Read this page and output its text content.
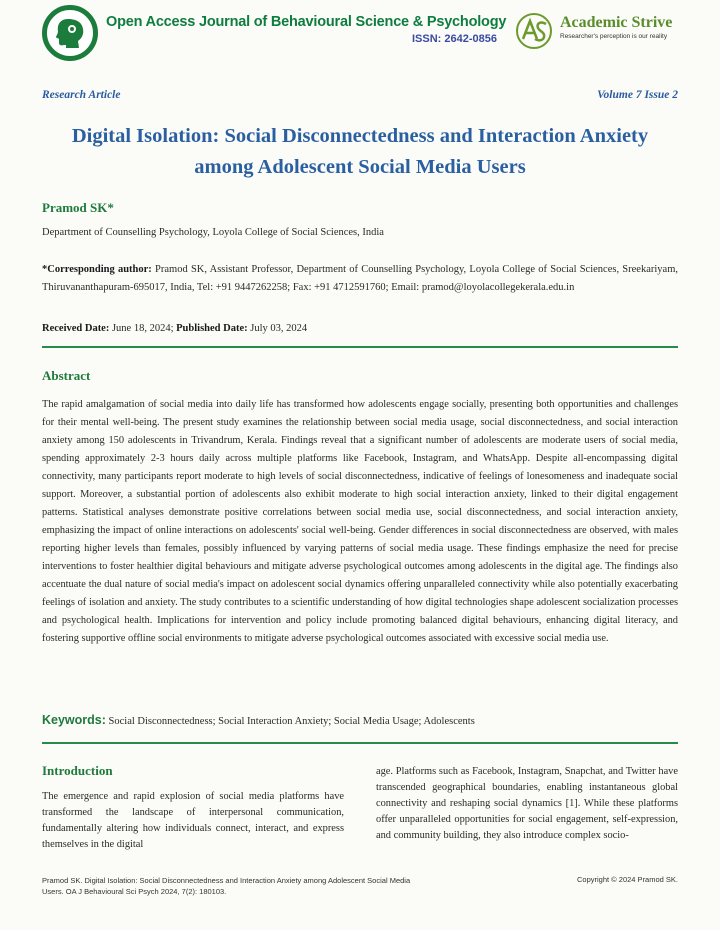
Open Access Journal of Behavioural Science & Psychology
ISSN: 2642-0856
Academic Strive
Researcher's perception is our reality
Research Article	Volume 7 Issue 2
Digital Isolation: Social Disconnectedness and Interaction Anxiety among Adolescent Social Media Users
Pramod SK*
Department of Counselling Psychology, Loyola College of Social Sciences, India
*Corresponding author: Pramod SK, Assistant Professor, Department of Counselling Psychology, Loyola College of Social Sciences, Sreekariyam, Thiruvananthapuram-695017, India, Tel: +91 9447262258; Fax: +91 4712591760; Email: pramod@loyolacollegekerala.edu.in
Received Date: June 18, 2024; Published Date: July 03, 2024
Abstract
The rapid amalgamation of social media into daily life has transformed how adolescents engage socially, presenting both opportunities and challenges for their mental well-being. The present study examines the relationship between social media usage, social disconnectedness, and social interaction anxiety among 150 adolescents in Trivandrum, Kerala. Findings reveal that a significant number of adolescents are moderate users of social media, spending approximately 2-3 hours daily across multiple platforms like Facebook, Instagram, and WhatsApp. Despite all-encompassing digital connectivity, many participants report moderate to high levels of social disconnectedness, indicative of feelings of lonesomeness and inadequate social support. Moreover, a substantial portion of adolescents also exhibit moderate to high social interaction anxiety, linked to their digital engagement patterns. Statistical analyses demonstrate positive correlations between social media use, social disconnectedness, and social interaction anxiety, emphasizing the impact of online interactions on adolescents' social well-being. Gender differences in social disconnectedness are observed, with males reporting higher levels than females, possibly influenced by varying patterns of social media usage. These findings emphasize the need for precise interventions to foster healthier digital behaviours and mitigate adverse psychological outcomes among adolescents in the digital age. The findings also accentuate the dual nature of social media's impact on adolescent social dynamics offering unparalleled connectivity while also potentially exacerbating feelings of isolation and anxiety. The study contributes to a scientific understanding of how digital technologies shape adolescent socialization processes and psychological health. Implications for intervention and policy include promoting balanced digital behaviours, enhancing digital literacy, and fostering supportive offline social environments to mitigate adverse psychological outcomes associated with excessive social media use.
Keywords: Social Disconnectedness; Social Interaction Anxiety; Social Media Usage; Adolescents
Introduction
The emergence and rapid explosion of social media platforms have transformed the landscape of interpersonal communication, fundamentally altering how individuals connect, interact, and express themselves in the digital
age. Platforms such as Facebook, Instagram, Snapchat, and Twitter have transcended geographical boundaries, enabling instantaneous global connectivity and reshaping social dynamics [1]. While these platforms offer unparalleled opportunities for social engagement, self-expression, and community building, they also introduce complex socio-
Pramod SK. Digital Isolation: Social Disconnectedness and Interaction Anxiety among Adolescent Social Media Users. OA J Behavioural Sci Psych 2024, 7(2): 180103.
Copyright © 2024 Pramod SK.
